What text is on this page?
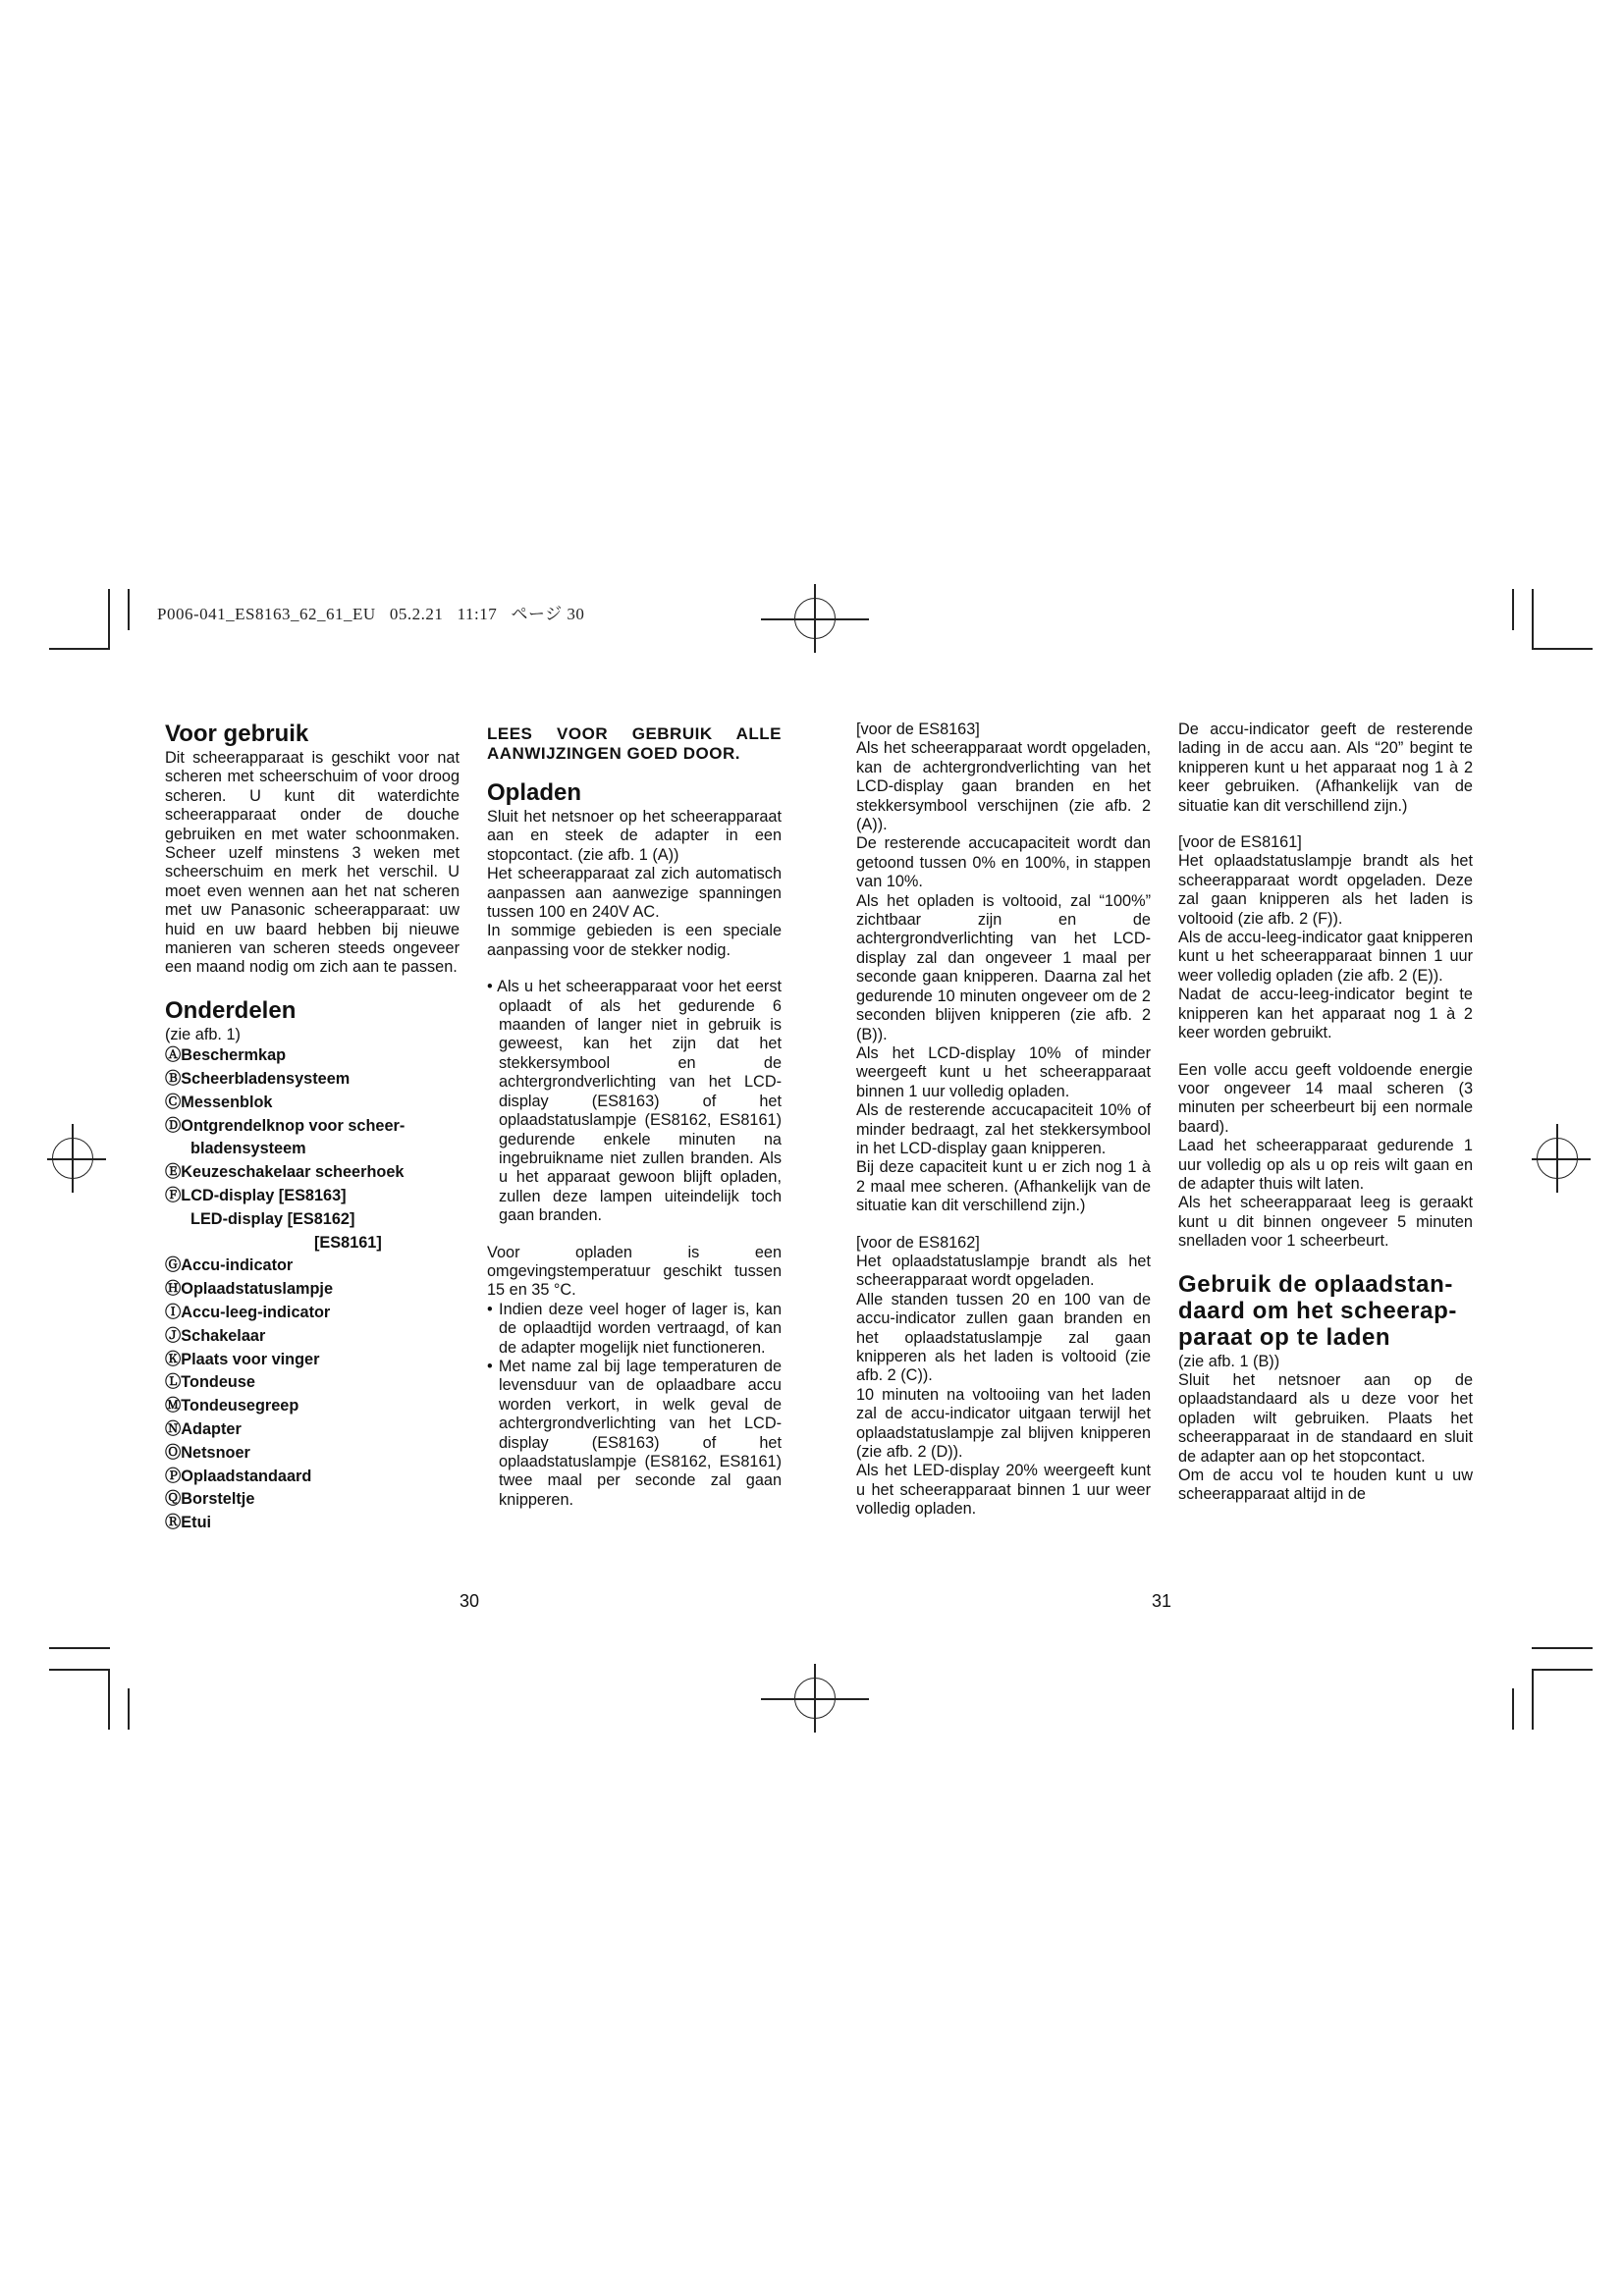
P006-041_ES8163_62_61_EU 05.2.21 11:17 ページ 30
Voor gebruik

Dit scheerapparaat is geschikt voor nat scheren met scheerschuim of voor droog scheren. U kunt dit waterdichte scheerapparaat onder de douche gebruiken en met water schoonmaken. Scheer uzelf minstens 3 weken met scheerschuim en merk het verschil. U moet even wennen aan het nat scheren met uw Panasonic scheerapparaat: uw huid en uw baard hebben bij nieuwe manieren van scheren steeds ongeveer een maand nodig om zich aan te passen.

Onderdelen

(zie afb. 1)

ⒶBeschermkap
ⒷScheerbladensysteem
ⒸMessenblok
ⒹOntgrendelknop voor scheer-
bladensysteem
ⒺKeuzeschakelaar scheerhoek
ⒻLCD-display [ES8163]
LED-display [ES8162]
[ES8161]
ⒼAccu-indicator
ⒽOplaadstatuslampje
ⒾAccu-leeg-indicator
ⒿSchakelaar
ⓀPlaats voor vinger
ⓁTondeuse
ⓂTondeusegreep
ⓃAdapter
ⓄNetsnoer
ⓅOplaadstandaard
ⓆBorsteltje
ⓇEtui
LEES VOOR GEBRUIK ALLE AANWIJZINGEN GOED DOOR.
Opladen

Sluit het netsnoer op het scheerapparaat aan en steek de adapter in een stopcontact. (zie afb. 1 (A))

Het scheerapparaat zal zich automatisch aanpassen aan aanwezige spanningen tussen 100 en 240V AC.

In sommige gebieden is een speciale aanpassing voor de stekker nodig.

• Als u het scheerapparaat voor het eerst oplaadt of als het gedurende 6 maanden of langer niet in gebruik is geweest, kan het zijn dat het stekkersymbool en de achtergrondverlichting van het LCD-display (ES8163) of het oplaadstatuslampje (ES8162, ES8161) gedurende enkele minuten na ingebruikname niet zullen branden. Als u het apparaat gewoon blijft opladen, zullen deze lampen uiteindelijk toch gaan branden.

Voor opladen is een omgevingstemperatuur geschikt tussen 15 en 35 °C.

• Indien deze veel hoger of lager is, kan de oplaadtijd worden vertraagd, of kan de adapter mogelijk niet functioneren.

• Met name zal bij lage temperaturen de levensduur van de oplaadbare accu worden verkort, in welk geval de achtergrondverlichting van het LCD-display (ES8163) of het oplaadstatuslampje (ES8162, ES8161) twee maal per seconde zal gaan knipperen.

[voor de ES8163]

Als het scheerapparaat wordt opgeladen, kan de achtergrondverlichting van het LCD-display gaan branden en het stekkersymbool verschijnen (zie afb. 2 (A)).

De resterende accucapaciteit wordt dan getoond tussen 0% en 100%, in stappen van 10%.

Als het opladen is voltooid, zal “100%” zichtbaar zijn en de achtergrondverlichting van het LCD-display zal dan ongeveer 1 maal per seconde gaan knipperen. Daarna zal het gedurende 10 minuten ongeveer om de 2 seconden blijven knipperen (zie afb. 2 (B)).

Als het LCD-display 10% of minder weergeeft kunt u het scheerapparaat binnen 1 uur volledig opladen.

Als de resterende accucapaciteit 10% of minder bedraagt, zal het stekkersymbool in het LCD-display gaan knipperen.

Bij deze capaciteit kunt u er zich nog 1 à 2 maal mee scheren. (Afhankelijk van de situatie kan dit verschillend zijn.)

[voor de ES8162]

Het oplaadstatuslampje brandt als het scheerapparaat wordt opgeladen.

Alle standen tussen 20 en 100 van de accu-indicator zullen gaan branden en het oplaadstatuslampje zal gaan knipperen als het laden is voltooid (zie afb. 2 (C)).

10 minuten na voltooiing van het laden zal de accu-indicator uitgaan terwijl het oplaadstatuslampje zal blijven knipperen (zie afb. 2 (D)).

Als het LED-display 20% weergeeft kunt u het scheerapparaat binnen 1 uur weer volledig opladen.

De accu-indicator geeft de resterende lading in de accu aan. Als “20” begint te knipperen kunt u het apparaat nog 1 à 2 keer gebruiken. (Afhankelijk van de situatie kan dit verschillend zijn.)

[voor de ES8161]

Het oplaadstatuslampje brandt als het scheerapparaat wordt opgeladen. Deze zal gaan knipperen als het laden is voltooid (zie afb. 2 (F)).

Als de accu-leeg-indicator gaat knipperen kunt u het scheerapparaat binnen 1 uur weer volledig opladen (zie afb. 2 (E)).

Nadat de accu-leeg-indicator begint te knipperen kan het apparaat nog 1 à 2 keer worden gebruikt.

Een volle accu geeft voldoende energie voor ongeveer 14 maal scheren (3 minuten per scheerbeurt bij een normale baard).

Laad het scheerapparaat gedurende 1 uur volledig op als u op reis wilt gaan en de adapter thuis wilt laten.

Als het scheerapparaat leeg is geraakt kunt u dit binnen ongeveer 5 minuten snelladen voor 1 scheerbeurt.

Gebruik de oplaadstan-
daard om het scheerap-
paraat op te laden

(zie afb. 1 (B))

Sluit het netsnoer aan op de oplaadstandaard als u deze voor het opladen wilt gebruiken. Plaats het scheerapparaat in de standaard en sluit de adapter aan op het stopcontact.

Om de accu vol te houden kunt u uw scheerapparaat altijd in de

30	31
